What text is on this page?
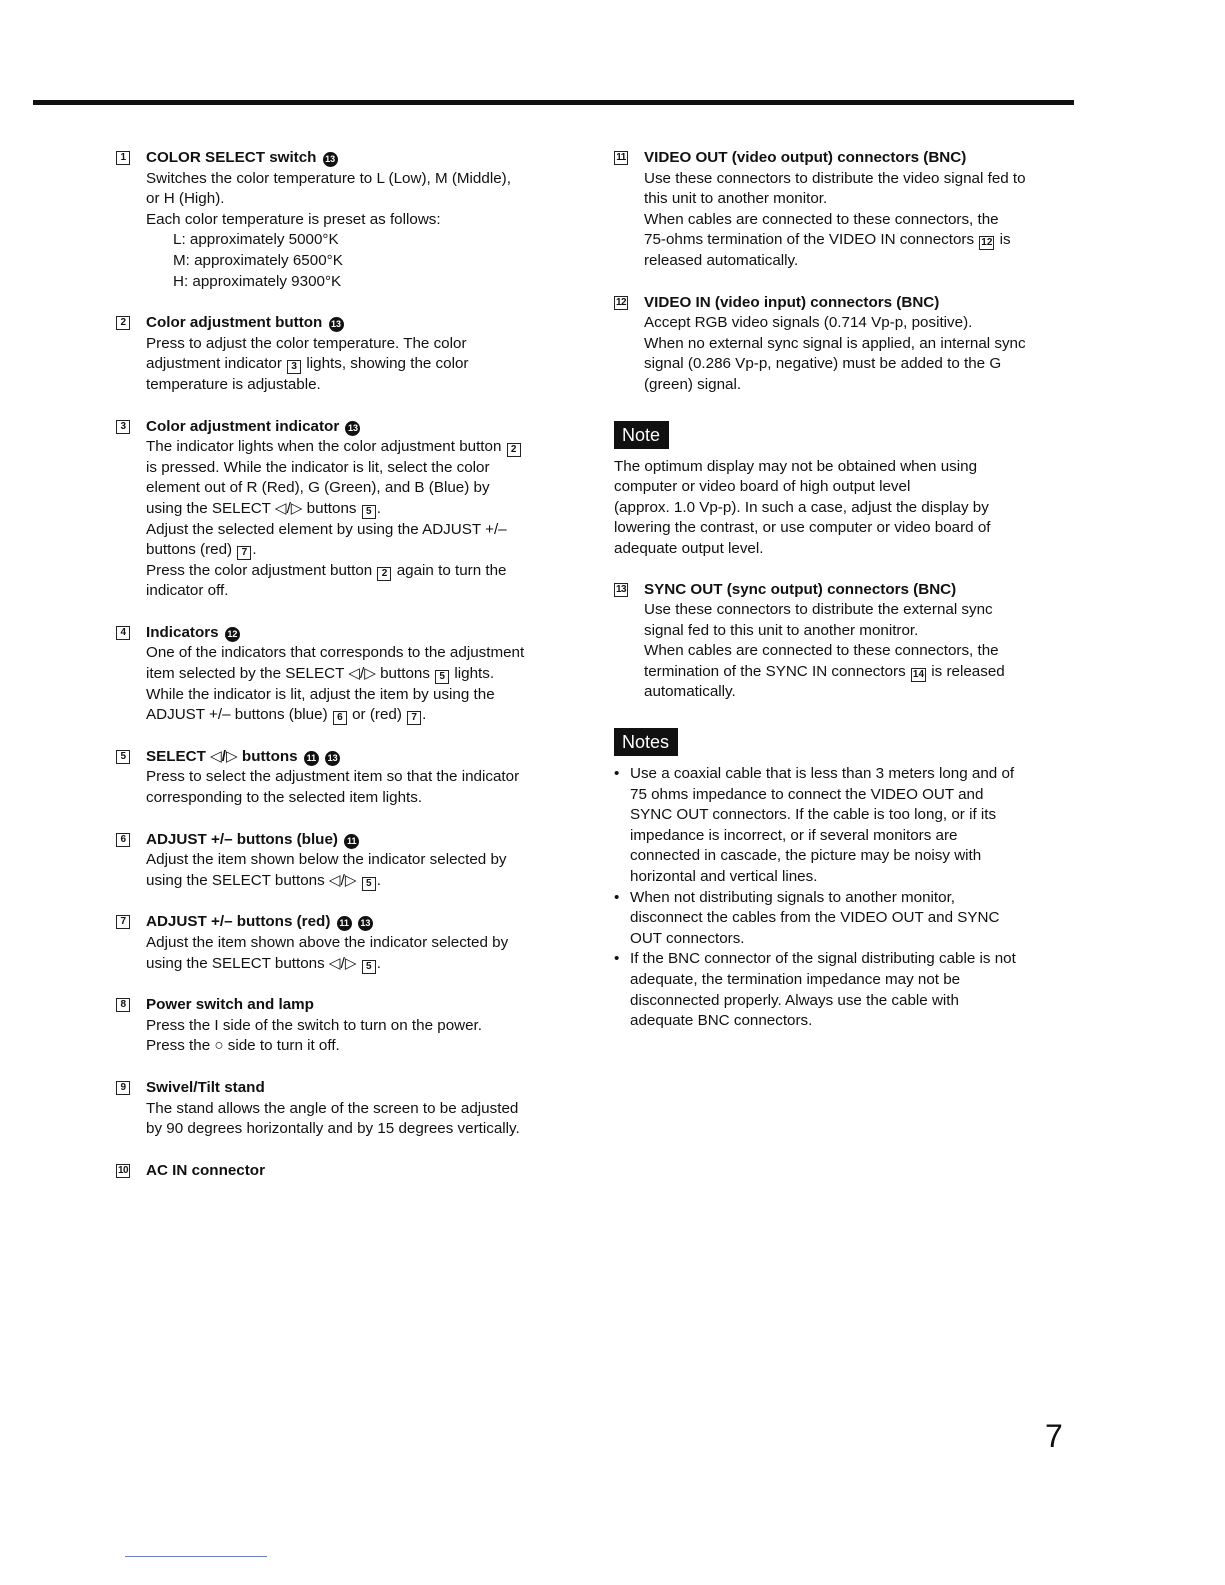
1 COLOR SELECT switch 13
Switches the color temperature to L (Low), M (Middle),
or H (High).
Each color temperature is preset as follows:
L: approximately 5000°K
M: approximately 6500°K
H: approximately 9300°K
2 Color adjustment button 13
Press to adjust the color temperature. The color
adjustment indicator 3 lights, showing the color
temperature is adjustable.
3 Color adjustment indicator 13
The indicator lights when the color adjustment button 2
is pressed. While the indicator is lit, select the color
element out of R (Red), G (Green), and B (Blue) by
using the SELECT ◁/▷ buttons 5 .
Adjust the selected element by using the ADJUST +/–
buttons (red) 7 .
Press the color adjustment button 2 again to turn the
indicator off.
4 Indicators 12
One of the indicators that corresponds to the adjustment
item selected by the SELECT ◁/▷ buttons 5 lights.
While the indicator is lit, adjust the item by using the
ADJUST +/– buttons (blue) 6 or (red) 7 .
5 SELECT ◁/▷ buttons 11 13
Press to select the adjustment item so that the indicator
corresponding to the selected item lights.
6 ADJUST +/– buttons (blue) 11
Adjust the item shown below the indicator selected by
using the SELECT buttons ◁/▷ 5 .
7 ADJUST +/– buttons (red) 11 13
Adjust the item shown above the indicator selected by
using the SELECT buttons ◁/▷ 5 .
8 Power switch and lamp
Press the I side of the switch to turn on the power.
Press the ○ side to turn it off.
9 Swivel/Tilt stand
The stand allows the angle of the screen to be adjusted
by 90 degrees horizontally and by 15 degrees vertically.
10 AC IN connector
11 VIDEO OUT (video output) connectors (BNC)
Use these connectors to distribute the video signal fed to
this unit to another monitor.
When cables are connected to these connectors, the
75-ohms termination of the VIDEO IN connectors 12 is
released automatically.
12 VIDEO IN (video input) connectors (BNC)
Accept RGB video signals (0.714 Vp-p, positive).
When no external sync signal is applied, an internal sync
signal (0.286 Vp-p, negative) must be added to the G
(green) signal.
Note
The optimum display may not be obtained when using
computer or video board of high output level
(approx. 1.0 Vp-p). In such a case, adjust the display by
lowering the contrast, or use computer or video board of
adequate output level.
13 SYNC OUT (sync output) connectors (BNC)
Use these connectors to distribute the external sync
signal fed to this unit to another monitror.
When cables are connected to these connectors, the
termination of the SYNC IN connectors 14 is released
automatically.
Notes
• Use a coaxial cable that is less than 3 meters long and of
75 ohms impedance to connect the VIDEO OUT and
SYNC OUT connectors. If the cable is too long, or if its
impedance is incorrect, or if several monitors are
connected in cascade, the picture may be noisy with
horizontal and vertical lines.
• When not distributing signals to another monitor,
disconnect the cables from the VIDEO OUT and SYNC
OUT connectors.
• If the BNC connector of the signal distributing cable is not
adequate, the termination impedance may not be
disconnected properly. Always use the cable with
adequate BNC connectors.
7
